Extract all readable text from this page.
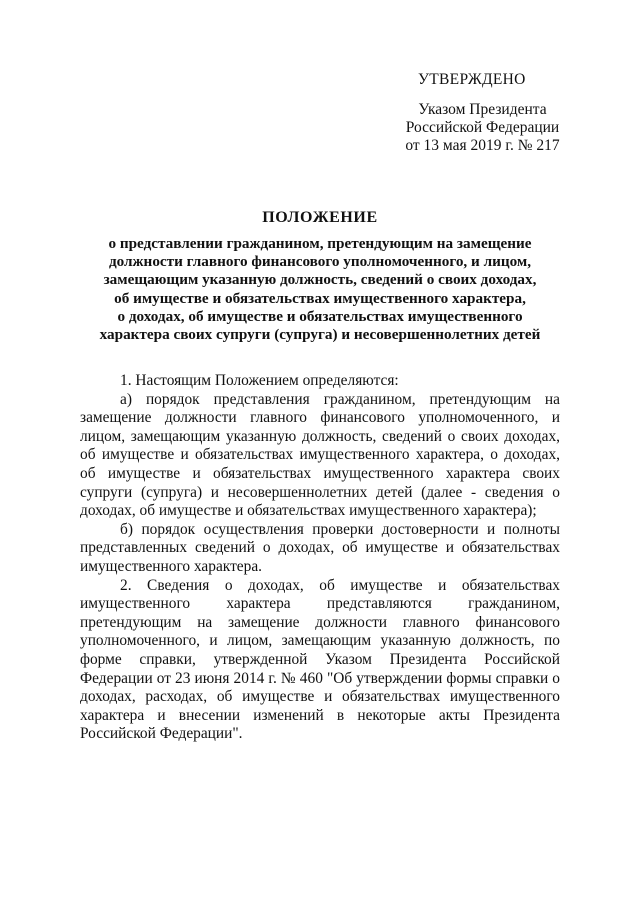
УТВЕРЖДЕНО
Указом Президента
Российской Федерации
от 13 мая 2019 г. № 217
ПОЛОЖЕНИЕ
о представлении гражданином, претендующим на замещение
должности главного финансового уполномоченного, и лицом,
замещающим указанную должность, сведений о своих доходах,
об имуществе и обязательствах имущественного характера,
о доходах, об имуществе и обязательствах имущественного
характера своих супруги (супруга) и несовершеннолетних детей

1. Настоящим Положением определяются:

а) порядок представления гражданином, претендующим на замещение должности главного финансового уполномоченного, и лицом, замещающим указанную должность, сведений о своих доходах, об имуществе и обязательствах имущественного характера, о доходах, об имуществе и обязательствах имущественного характера своих супруги (супруга) и несовершеннолетних детей (далее - сведения о доходах, об имуществе и обязательствах имущественного характера);

б) порядок осуществления проверки достоверности и полноты представленных сведений о доходах, об имуществе и обязательствах имущественного характера.

2. Сведения о доходах, об имуществе и обязательствах имущественного характера представляются гражданином, претендующим на замещение должности главного финансового уполномоченного, и лицом, замещающим указанную должность, по форме справки, утвержденной Указом Президента Российской Федерации от 23 июня 2014 г. № 460 "Об утверждении формы справки о доходах, расходах, об имуществе и обязательствах имущественного характера и внесении изменений в некоторые акты Президента Российской Федерации".
